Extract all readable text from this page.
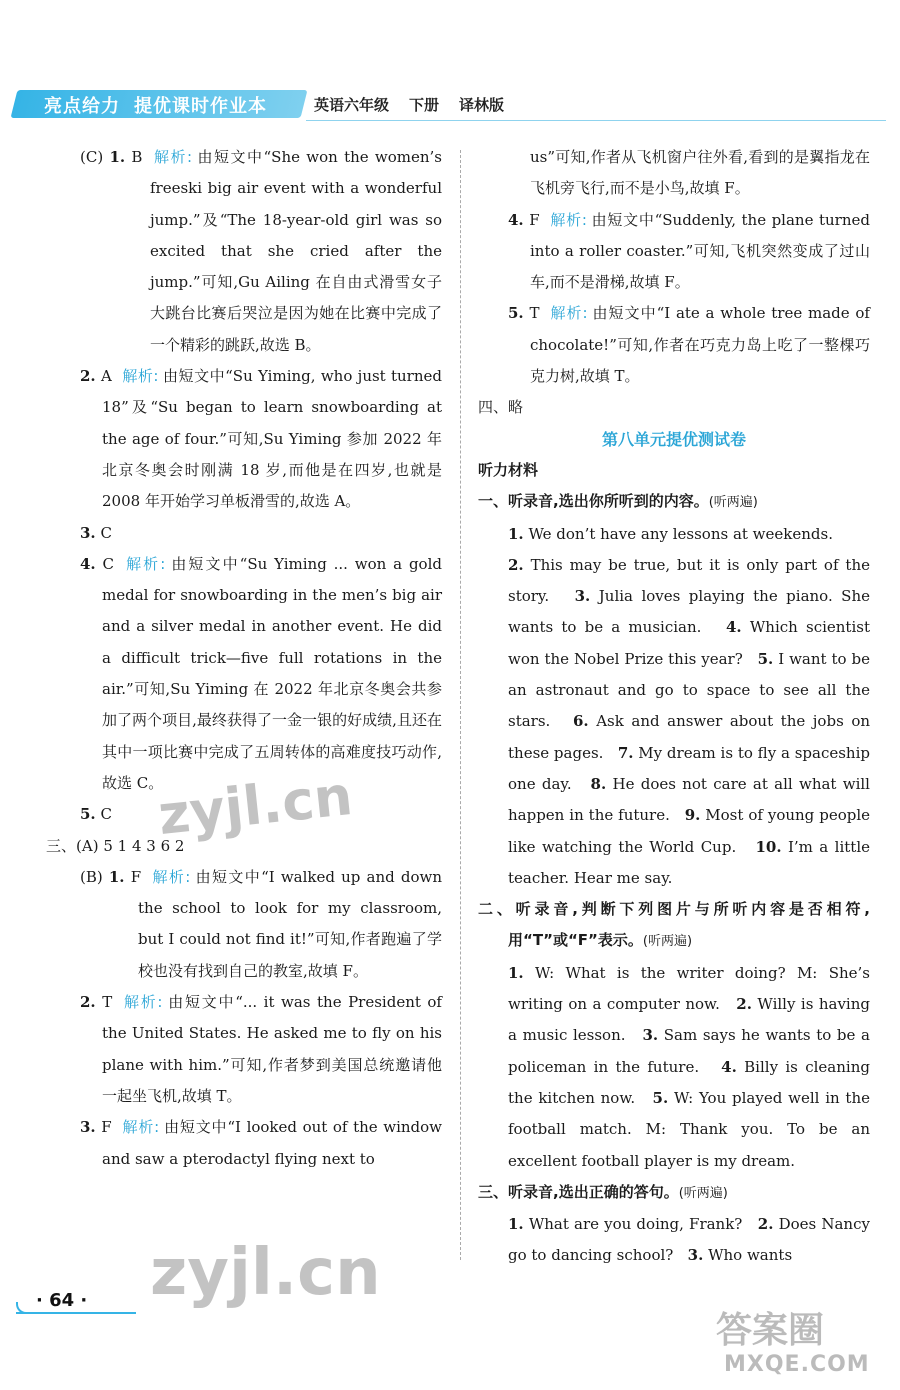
亮点给力 提优课时作业本	英语六年级 下册 译林版

(C) 1. B 解析: 由短文中“She won the women’s freeski big air event with a wonderful jump.”及“The 18-year-old girl was so excited that she cried after the jump.”可知,Gu Ailing 在自由式滑雪女子大跳台比赛后哭泣是因为她在比赛中完成了一个精彩的跳跃,故选 B。

2. A 解析: 由短文中“Su Yiming, who just turned 18”及“Su began to learn snowboarding at the age of four.”可知,Su Yiming 参加 2022 年北京冬奥会时刚满 18 岁,而他是在四岁,也就是 2008 年开始学习单板滑雪的,故选 A。

3. C

4. C 解析: 由短文中“Su Yiming ... won a gold medal for snowboarding in the men’s big air and a silver medal in another event. He did a difficult trick—five full rotations in the air.”可知,Su Yiming 在 2022 年北京冬奥会共参加了两个项目,最终获得了一金一银的好成绩,且还在其中一项比赛中完成了五周转体的高难度技巧动作,故选 C。

5. C

三、(A) 5 1 4 3 6 2

(B) 1. F 解析: 由短文中“I walked up and down the school to look for my classroom, but I could not find it!”可知,作者跑遍了学校也没有找到自己的教室,故填 F。

2. T 解析: 由短文中“... it was the President of the United States. He asked me to fly on his plane with him.”可知,作者梦到美国总统邀请他一起坐飞机,故填 T。

3. F 解析: 由短文中“I looked out of the window and saw a pterodactyl flying next to

us”可知,作者从飞机窗户往外看,看到的是翼指龙在飞机旁飞行,而不是小鸟,故填 F。

4. F 解析: 由短文中“Suddenly, the plane turned into a roller coaster.”可知,飞机突然变成了过山车,而不是滑梯,故填 F。

5. T 解析: 由短文中“I ate a whole tree made of chocolate!”可知,作者在巧克力岛上吃了一整棵巧克力树,故填 T。

四、略

第八单元提优测试卷

听力材料

一、听录音,选出你所听到的内容。(听两遍)

1. We don’t have any lessons at weekends.
2. This may be true, but it is only part of the story. 3. Julia loves playing the piano. She wants to be a musician. 4. Which scientist won the Nobel Prize this year? 5. I want to be an astronaut and go to space to see all the stars. 6. Ask and answer about the jobs on these pages. 7. My dream is to fly a spaceship one day. 8. He does not care at all what will happen in the future. 9. Most of young people like watching the World Cup. 10. I’m a little teacher. Hear me say.

二、听录音,判断下列图片与所听内容是否相符,用“T”或“F”表示。(听两遍)

1. W: What is the writer doing? M: She’s writing on a computer now. 2. Willy is having a music lesson. 3. Sam says he wants to be a policeman in the future. 4. Billy is cleaning the kitchen now. 5. W: You played well in the football match. M: Thank you. To be an excellent football player is my dream.

三、听录音,选出正确的答句。(听两遍)

1. What are you doing, Frank? 2. Does Nancy go to dancing school? 3. Who wants

· 64 ·
zyjl.cn
zyjl.cn
答案圈
MXQE.COM
